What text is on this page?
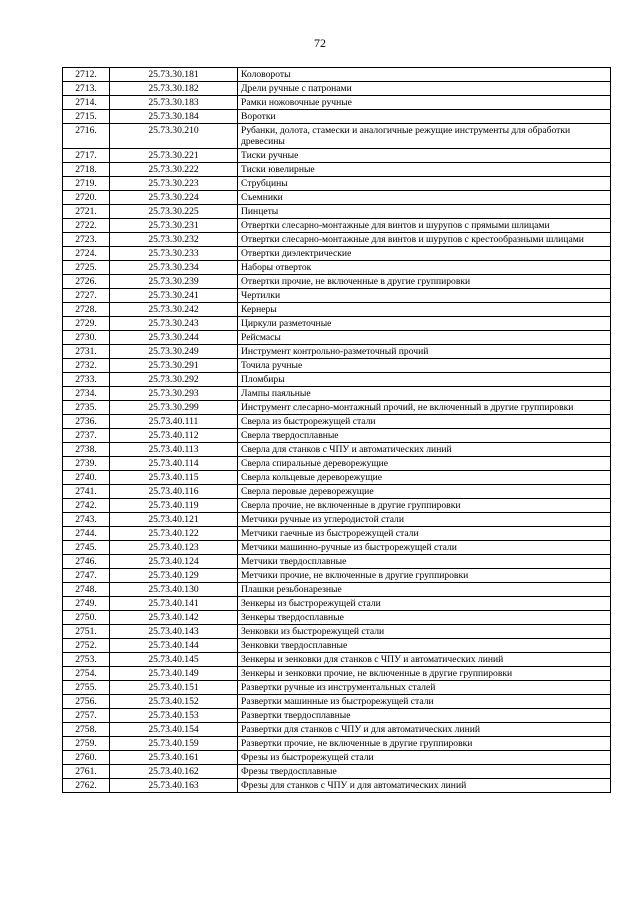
72
2712.	25.73.30.181	Коловороты
2713.	25.73.30.182	Дрели ручные с патронами
2714.	25.73.30.183	Рамки ножовочные ручные
2715.	25.73.30.184	Воротки
2716.	25.73.30.210	Рубанки, долота, стамески и аналогичные режущие инструменты для обработки древесины
2717.	25.73.30.221	Тиски ручные
2718.	25.73.30.222	Тиски ювелирные
2719.	25.73.30.223	Струбцины
2720.	25.73.30.224	Съемники
2721.	25.73.30.225	Пинцеты
2722.	25.73.30.231	Отвертки слесарно-монтажные для винтов и шурупов с прямыми шлицами
2723.	25.73.30.232	Отвертки слесарно-монтажные для винтов и шурупов с крестообразными шлицами
2724.	25.73.30.233	Отвертки диэлектрические
2725.	25.73.30.234	Наборы отверток
2726.	25.73.30.239	Отвертки прочие, не включенные в другие группировки
2727.	25.73.30.241	Чертилки
2728.	25.73.30.242	Кернеры
2729.	25.73.30.243	Циркули разметочные
2730.	25.73.30.244	Рейсмасы
2731.	25.73.30.249	Инструмент контрольно-разметочный прочий
2732.	25.73.30.291	Точила ручные
2733.	25.73.30.292	Пломбиры
2734.	25.73.30.293	Лампы паяльные
2735.	25.73.30.299	Инструмент слесарно-монтажный прочий, не включенный в другие группировки
2736.	25.73.40.111	Сверла из быстрорежущей стали
2737.	25.73.40.112	Сверла твердосплавные
2738.	25.73.40.113	Сверла для станков с ЧПУ и автоматических линий
2739.	25.73.40.114	Сверла спиральные дереворежущие
2740.	25.73.40.115	Сверла кольцевые дереворежущие
2741.	25.73.40.116	Сверла перовые дереворежущие
2742.	25.73.40.119	Сверла прочие, не включенные в другие группировки
2743.	25.73.40.121	Метчики ручные из углеродистой стали
2744.	25.73.40.122	Метчики гаечные из быстрорежущей стали
2745.	25.73.40.123	Метчики машинно-ручные из быстрорежущей стали
2746.	25.73.40.124	Метчики твердосплавные
2747.	25.73.40.129	Метчики прочие, не включенные в другие группировки
2748.	25.73.40.130	Плашки резьбонарезные
2749.	25.73.40.141	Зенкеры из быстрорежущей стали
2750.	25.73.40.142	Зенкеры твердосплавные
2751.	25.73.40.143	Зенковки из быстрорежущей стали
2752.	25.73.40.144	Зенковки твердосплавные
2753.	25.73.40.145	Зенкеры и зенковки для станков с ЧПУ и автоматических линий
2754.	25.73.40.149	Зенкеры и зенковки прочие, не включенные в другие группировки
2755.	25.73.40.151	Развертки ручные из инструментальных сталей
2756.	25.73.40.152	Развертки машинные из быстрорежущей стали
2757.	25.73.40.153	Развертки твердосплавные
2758.	25.73.40.154	Развертки для станков с ЧПУ и для автоматических линий
2759.	25.73.40.159	Развертки прочие, не включенные в другие группировки
2760.	25.73.40.161	Фрезы из быстрорежущей стали
2761.	25.73.40.162	Фрезы твердосплавные
2762.	25.73.40.163	Фрезы для станков с ЧПУ и для автоматических линий
